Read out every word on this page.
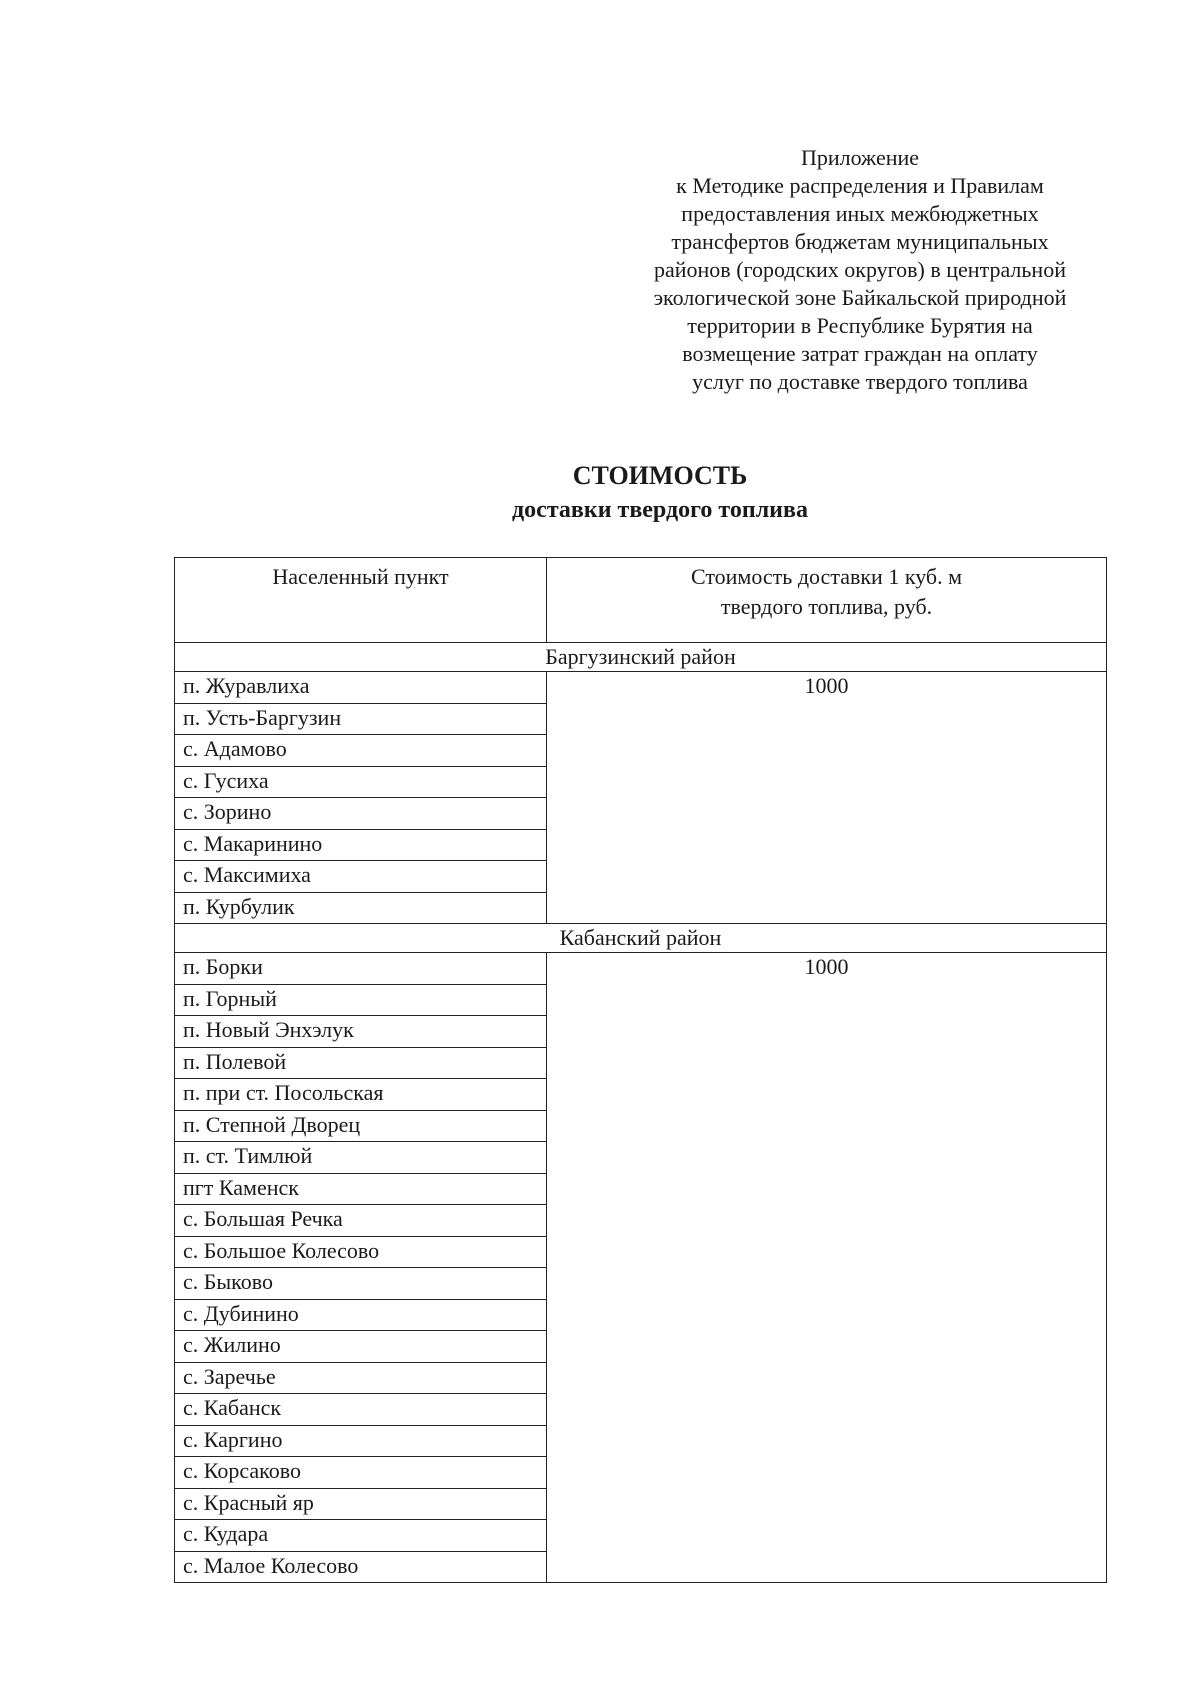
Приложение
к Методике распределения и Правилам
предоставления иных межбюджетных
трансфертов бюджетам муниципальных
районов (городских округов) в центральной
экологической зоне Байкальской природной
территории в Республике Бурятия на
возмещение затрат граждан на оплату
услуг по доставке твердого топлива
СТОИМОСТЬ
доставки твердого топлива
Населенный пункт	Стоимость доставки 1 куб. м
твердого топлива, руб.

Баргузинский район	
п. Журавлиха	1000
п. Усть-Баргузин	
с. Адамово	
с. Гусиха	
с. Зорино	
с. Макаринино	
с. Максимиха	
п. Курбулик	
Кабанский район	
п. Борки	1000
п. Горный	
п. Новый Энхэлук	
п. Полевой	
п. при ст. Посольская	
п. Степной Дворец	
п. ст. Тимлюй	
пгт Каменск	
с. Большая Речка	
с. Большое Колесово	
с. Быково	
с. Дубинино	
с. Жилино	
с. Заречье	
с. Кабанск	
с. Каргино	
с. Корсаково	
с. Красный яр	
с. Кудара	
с. Малое Колесово	
